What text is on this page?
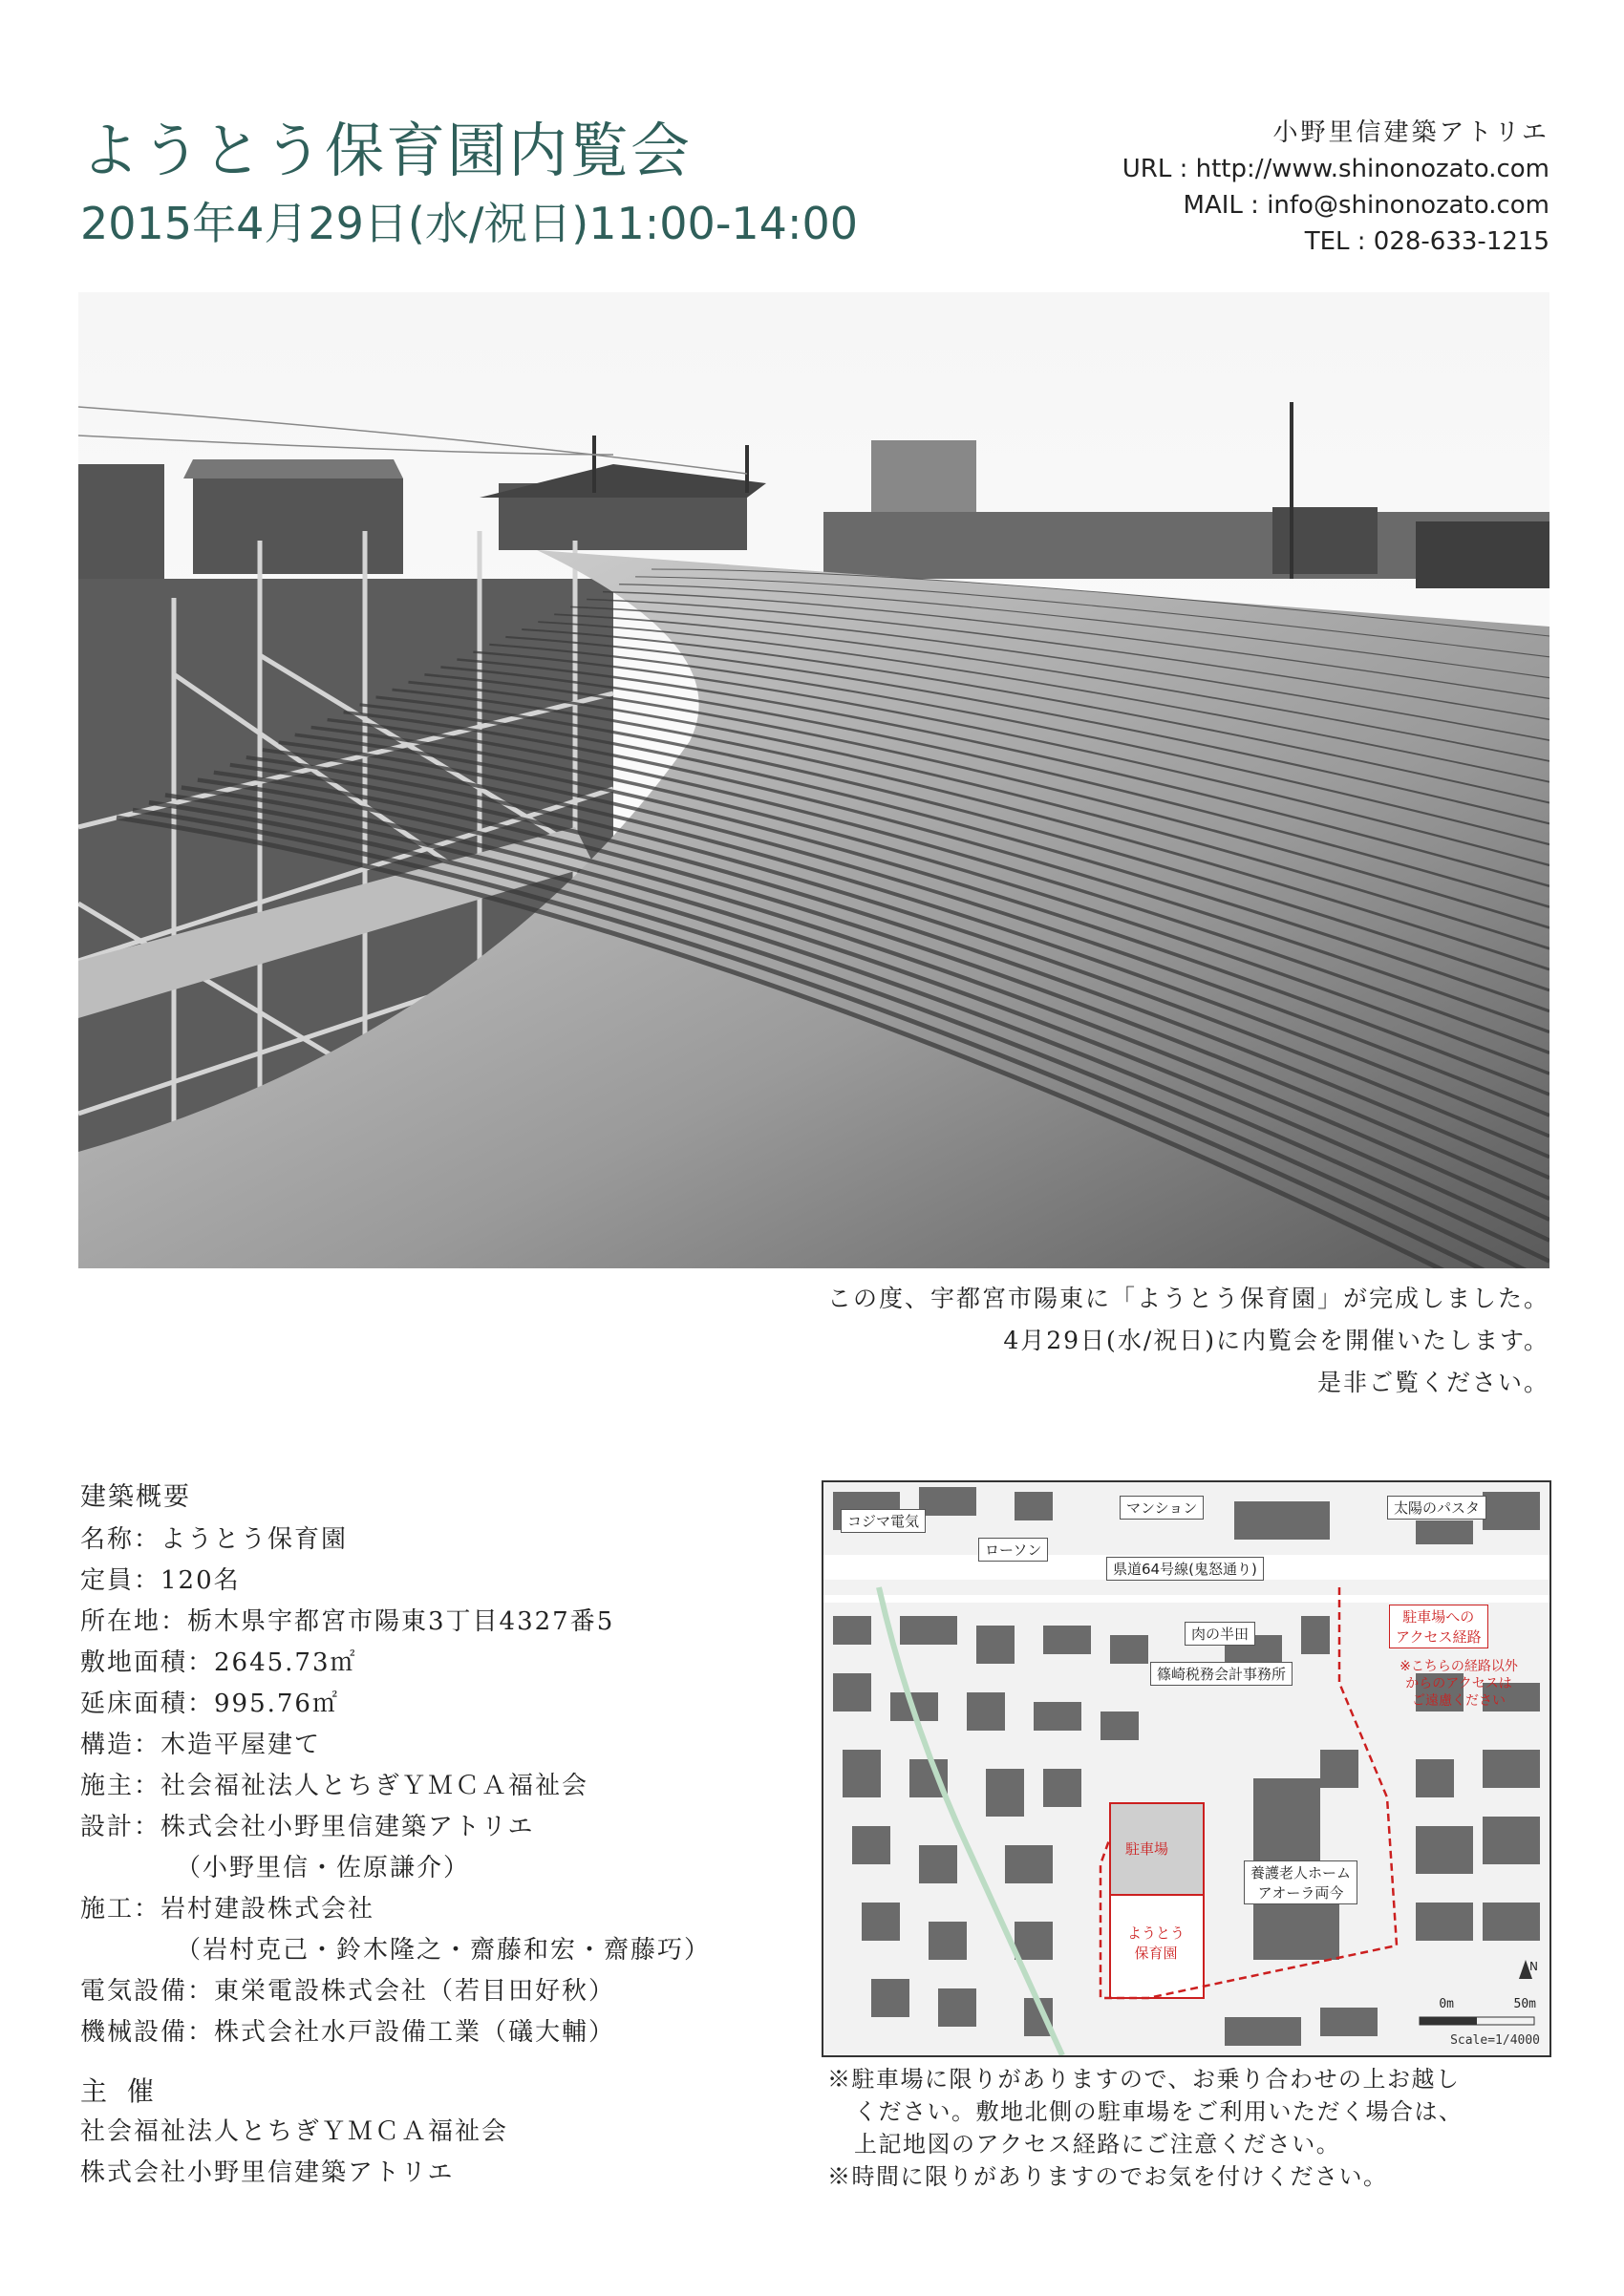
ようとう保育園内覧会
2015年4月29日(水/祝日)11:00-14:00
小野里信建築アトリエ
URL : http://www.shinonozato.com
MAIL : info@shinonozato.com
TEL : 028-633-1215
この度、宇都宮市陽東に「ようとう保育園」が完成しました。
4月29日(水/祝日)に内覧会を開催いたします。
是非ご覧ください。
建築概要
名称：ようとう保育園
定員：120名
所在地：栃木県宇都宮市陽東3丁目4327番5
敷地面積：2645.73㎡
延床面積：995.76㎡
構造：木造平屋建て
施主：社会福祉法人とちぎＹＭＣＡ福祉会
設計：株式会社小野里信建築アトリエ
（小野里信・佐原謙介）
施工：岩村建設株式会社
（岩村克己・鈴木隆之・齋藤和宏・齋藤巧）
電気設備：東栄電設株式会社（若目田好秋）
機械設備：株式会社水戸設備工業（礒大輔）
主 催
社会福祉法人とちぎＹＭＣＡ福祉会
株式会社小野里信建築アトリエ
コジマ電気
ローソン
マンション	太陽のパスタ
県道64号線(鬼怒通り)
肉の半田
篠崎税務会計事務所
駐車場
ようとう
保育園
養護老人ホーム
アオーラ両今
駐車場への
アクセス経路
※こちらの経路以外
からのアクセスは
ご遠慮ください
N
0m	50m
Scale=1/4000
※駐車場に限りがありますので、お乗り合わせの上お越し
ください。敷地北側の駐車場をご利用いただく場合は、
上記地図のアクセス経路にご注意ください。
※時間に限りがありますのでお気を付けください。
